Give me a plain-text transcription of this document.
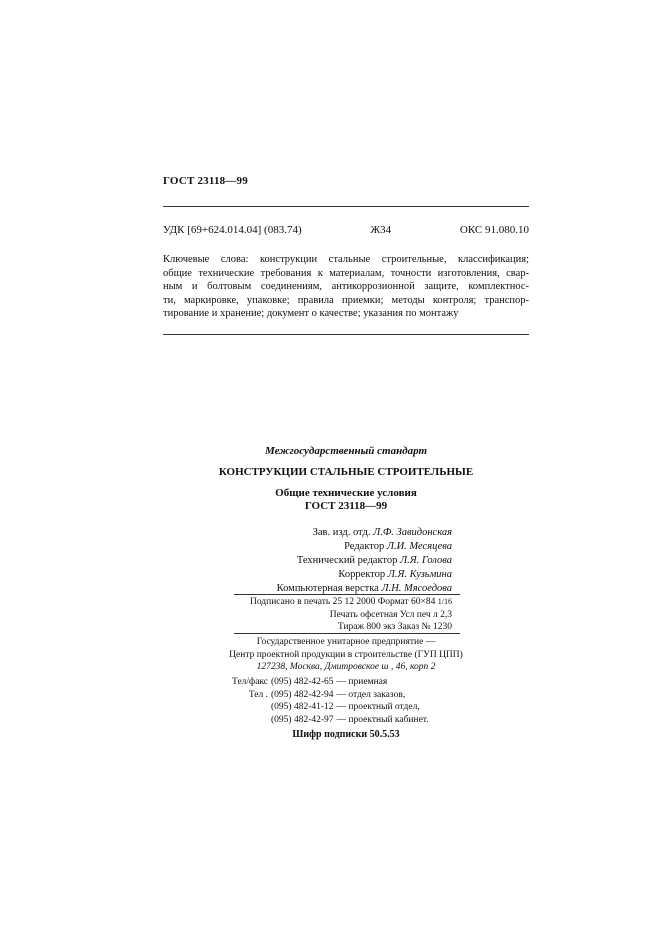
ГОСТ 23118—99
УДК [69+624.014.04] (083.74)	Ж34	ОКС 91.080.10
Ключевые слова: конструкции стальные строительные, классификация;
общие технические требования к материалам, точности изготовления, свар-
ным и болтовым соединениям, антикоррозионной защите, комплектнос-
ти, маркировке, упаковке; правила приемки; методы контроля; транспор-
тирование и хранение; документ о качестве; указания по монтажу
Межгосударственный стандарт
КОНСТРУКЦИИ СТАЛЬНЫЕ СТРОИТЕЛЬНЫЕ
Общие технические условия
ГОСТ 23118—99
Зав. изд. отд. Л.Ф. Завидонская
Редактор Л.И. Месяцева
Технический редактор Л.Я. Голова
Корректор Л.Я. Кузьмина
Компьютерная верстка Л.Н. Мясоедова
Подписано в печать 25 12 2000 Формат 60×84 1/16
Печать офсетная Усл печ л 2,3
Тираж 800 экз Заказ № 1230
Государственное унитарное предприятие —
Центр проектной продукции в строительстве (ГУП ЦПП)
127238, Москва, Дмитровское ш , 46, корп 2
Тел/факс	(095) 482-42-65	— приемная
Тел .	(095) 482-42-94	— отдел заказов,
	(095) 482-41-12	— проектный отдел,
	(095) 482-42-97	— проектный кабинет.
Шифр подписки 50.5.53
